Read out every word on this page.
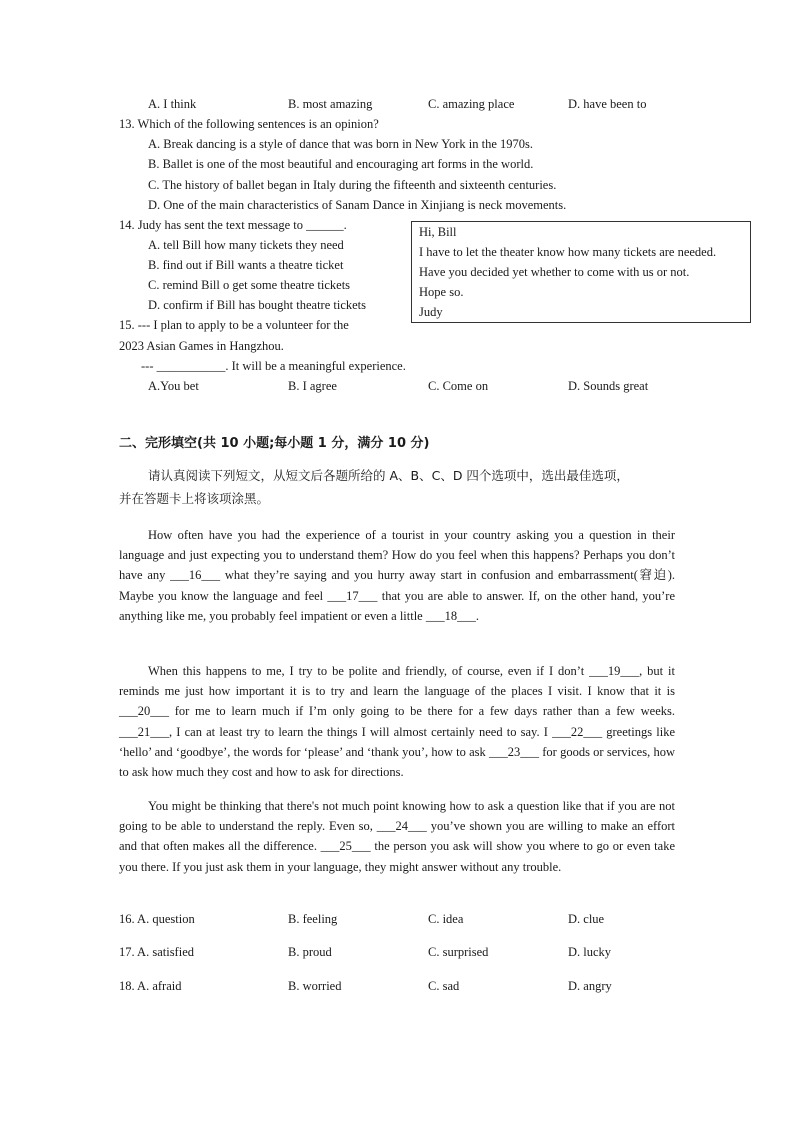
A. I think	B. most amazing	C. amazing place	D. have been to
13. Which of the following sentences is an opinion?
A. Break dancing is a style of dance that was born in New York in the 1970s.
B. Ballet is one of the most beautiful and encouraging art forms in the world.
C. The history of ballet began in Italy during the fifteenth and sixteenth centuries.
D. One of the main characteristics of Sanam Dance in Xinjiang is neck movements.
14. Judy has sent the text message to ______.
A. tell Bill how many tickets they need
B. find out if Bill wants a theatre ticket
C. remind Bill o get some theatre tickets
D. confirm if Bill has bought theatre tickets
Hi, Bill
I have to let the theater know how many tickets are needed.
Have you decided yet whether to come with us or not.
Hope so.
Judy
15. --- I plan to apply to be a volunteer for the
2023 Asian Games in Hangzhou.
--- ___________. It will be a meaningful experience.
A.You bet	B. I agree	C. Come on	D. Sounds great
二、完形填空(共 10 小题;每小题 1 分，满分 10 分)
请认真阅读下列短文，从短文后各题所给的 A、B、C、D 四个选项中，选出最佳选项，
并在答题卡上将该项涂黑。
How often have you had the experience of a tourist in your country asking you a question in their language and just expecting you to understand them? How do you feel when this happens? Perhaps you don’t have any ___16___ what they’re saying and you hurry away start in confusion and embarrassment(窘迫). Maybe you know the language and feel ___17___ that you are able to answer. If, on the other hand, you’re anything like me, you probably feel impatient or even a little ___18___.
When this happens to me, I try to be polite and friendly, of course, even if I don’t ___19___, but it reminds me just how important it is to try and learn the language of the places I visit. I know that it is ___20___ for me to learn much if I’m only going to be there for a few days rather than a few weeks. ___21___, I can at least try to learn the things I will almost certainly need to say. I ___22___ greetings like ‘hello’ and ‘goodbye’, the words for ‘please’ and ‘thank you’, how to ask ___23___ for goods or services, how to ask how much they cost and how to ask for directions.
You might be thinking that there's not much point knowing how to ask a question like that if you are not going to be able to understand the reply. Even so, ___24___ you’ve shown you are willing to make an effort and that often makes all the difference. ___25___ the person you ask will show you where to go or even take you there. If you just ask them in your language, they might answer without any trouble.
16. A. question	B. feeling	C. idea	D. clue
17. A. satisfied	B. proud	C. surprised	D. lucky
18. A. afraid	B. worried	C. sad	D. angry
